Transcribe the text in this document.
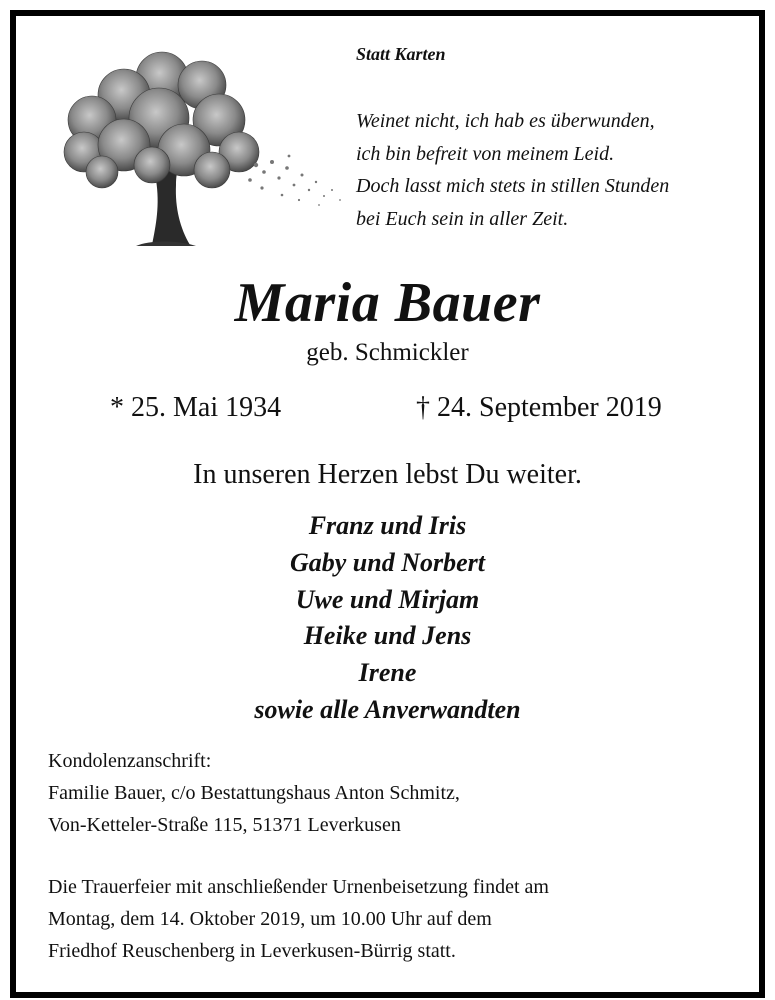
Statt Karten
Weinet nicht, ich hab es überwunden,
ich bin befreit von meinem Leid.
Doch lasst mich stets in stillen Stunden
bei Euch sein in aller Zeit.
Maria Bauer
geb. Schmickler
* 25. Mai 1934	† 24. September 2019
In unseren Herzen lebst Du weiter.
Franz und Iris
Gaby und Norbert
Uwe und Mirjam
Heike und Jens
Irene
sowie alle Anverwandten
Kondolenzanschrift:
Familie Bauer, c/o Bestattungshaus Anton Schmitz,
Von-Ketteler-Straße 115, 51371 Leverkusen
Die Trauerfeier mit anschließender Urnenbeisetzung findet am
Montag, dem 14. Oktober 2019, um 10.00 Uhr auf dem
Friedhof Reuschenberg in Leverkusen-Bürrig statt.
